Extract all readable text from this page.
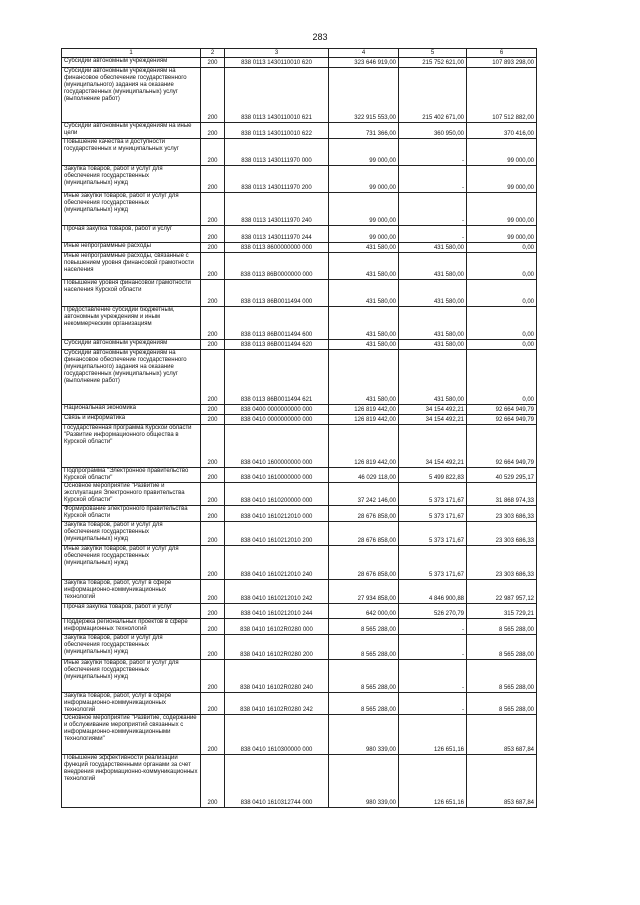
283
1	2	3	4	5	6
Субсидии автономным учреждениям	200	838 0113 1430110010 620	323 646 919,00	215 752 621,00	107 893 298,00
Субсидии автономным учреждениям на финансовое обеспечение государственного (муниципального) задания на оказание государственных (муниципальных) услуг (выполнение работ)	200	838 0113 1430110010 621	322 915 553,00	215 402 671,00	107 512 882,00
Субсидии автономным учреждениям на иные цели	200	838 0113 1430110010 622	731 366,00	360 950,00	370 416,00
Повышение качества и доступности государственных и муниципальных услуг	200	838 0113 1430111970 000	99 000,00	-	99 000,00
Закупка товаров, работ и услуг для обеспечения государственных (муниципальных) нужд	200	838 0113 1430111970 200	99 000,00	-	99 000,00
Иные закупки товаров, работ и услуг для обеспечения государственных (муниципальных) нужд	200	838 0113 1430111970 240	99 000,00	-	99 000,00
Прочая закупка товаров, работ и услуг	200	838 0113 1430111970 244	99 000,00	-	99 000,00
Иные непрограммные расходы	200	838 0113 8600000000 000	431 580,00	431 580,00	0,00
Иные непрограммные расходы, связанные с повышением уровня финансовой грамотности населения	200	838 0113 86B0000000 000	431 580,00	431 580,00	0,00
Повышение уровня финансовой грамотности населения Курской области	200	838 0113 86B0011494 000	431 580,00	431 580,00	0,00
Предоставление субсидий бюджетным, автономным учреждениям и иным некоммерческим организациям	200	838 0113 86B0011494 600	431 580,00	431 580,00	0,00
Субсидии автономным учреждениям	200	838 0113 86B0011494 620	431 580,00	431 580,00	0,00
Субсидии автономным учреждениям на финансовое обеспечение государственного (муниципального) задания на оказание государственных (муниципальных) услуг (выполнение работ)	200	838 0113 86B0011494 621	431 580,00	431 580,00	0,00
Национальная экономика	200	838 0400 0000000000 000	126 819 442,00	34 154 492,21	92 664 949,79
Связь и информатика	200	838 0410 0000000000 000	126 819 442,00	34 154 492,21	92 664 949,79
Государственная программа Курской области "Развитие информационного общества в Курской области"	200	838 0410 1600000000 000	126 819 442,00	34 154 492,21	92 664 949,79
Подпрограмма "Электронное правительство Курской области"	200	838 0410 1610000000 000	46 029 118,00	5 499 822,83	40 529 295,17
Основное мероприятие "Развитие и эксплуатация Электронного правительства Курской области"	200	838 0410 1610200000 000	37 242 146,00	5 373 171,67	31 868 974,33
Формирование электронного правительства Курской области	200	838 0410 1610212010 000	28 676 858,00	5 373 171,67	23 303 686,33
Закупка товаров, работ и услуг для обеспечения государственных (муниципальных) нужд	200	838 0410 1610212010 200	28 676 858,00	5 373 171,67	23 303 686,33
Иные закупки товаров, работ и услуг для обеспечения государственных (муниципальных) нужд	200	838 0410 1610212010 240	28 676 858,00	5 373 171,67	23 303 686,33
Закупка товаров, работ, услуг в сфере информационно-коммуникационных технологий	200	838 0410 1610212010 242	27 934 858,00	4 846 900,88	22 987 957,12
Прочая закупка товаров, работ и услуг	200	838 0410 1610212010 244	642 000,00	526 270,79	315 729,21
Поддержка региональных проектов в сфере информационных технологий	200	838 0410 16102R0280 000	8 565 288,00	-	8 565 288,00
Закупка товаров, работ и услуг для обеспечения государственных (муниципальных) нужд	200	838 0410 16102R0280 200	8 565 288,00	-	8 565 288,00
Иные закупки товаров, работ и услуг для обеспечения государственных (муниципальных) нужд	200	838 0410 16102R0280 240	8 565 288,00	-	8 565 288,00
Закупка товаров, работ, услуг в сфере информационно-коммуникационных технологий	200	838 0410 16102R0280 242	8 565 288,00	-	8 565 288,00
Основное мероприятие "Развитие, содержание и обслуживание мероприятий связанных с информационно-коммуникационными технологиями"	200	838 0410 1610300000 000	980 339,00	126 651,16	853 687,84
Повышение эффективности реализации функций государственными органами за счет внедрения информационно-коммуникационных технологий	200	838 0410 1610312744 000	980 339,00	126 651,16	853 687,84
